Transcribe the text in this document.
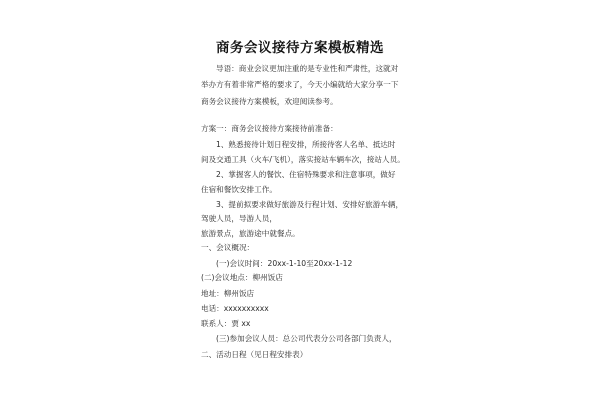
商务会议接待方案模板精选
导语：商业会议更加注重的是专业性和严肃性，这就对
举办方有着非常严格的要求了，今天小编就给大家分享一下
商务会议接待方案模板，欢迎阅读参考。
方案一：商务会议接待方案接待前准备：
1、熟悉接待计划日程安排，所接待客人名单、抵达时
间及交通工具（火车/飞机），落实接站车辆车次，接站人员。
2、掌握客人的餐饮、住宿特殊要求和注意事项，做好
住宿和餐饮安排工作。
3、提前拟要求做好旅游及行程计划、安排好旅游车辆，
驾驶人员，导游人员，
旅游景点，旅游途中就餐点。
一、会议概况：
(一)会议时间：20xx-1-10至20xx-1-12
(二)会议地点：柳州饭店
地址：柳州饭店
电话：xxxxxxxxxx
联系人：贾 xx
(三)参加会议人员：总公司代表分公司各部门负责人，
二、活动日程（见日程安排表）
